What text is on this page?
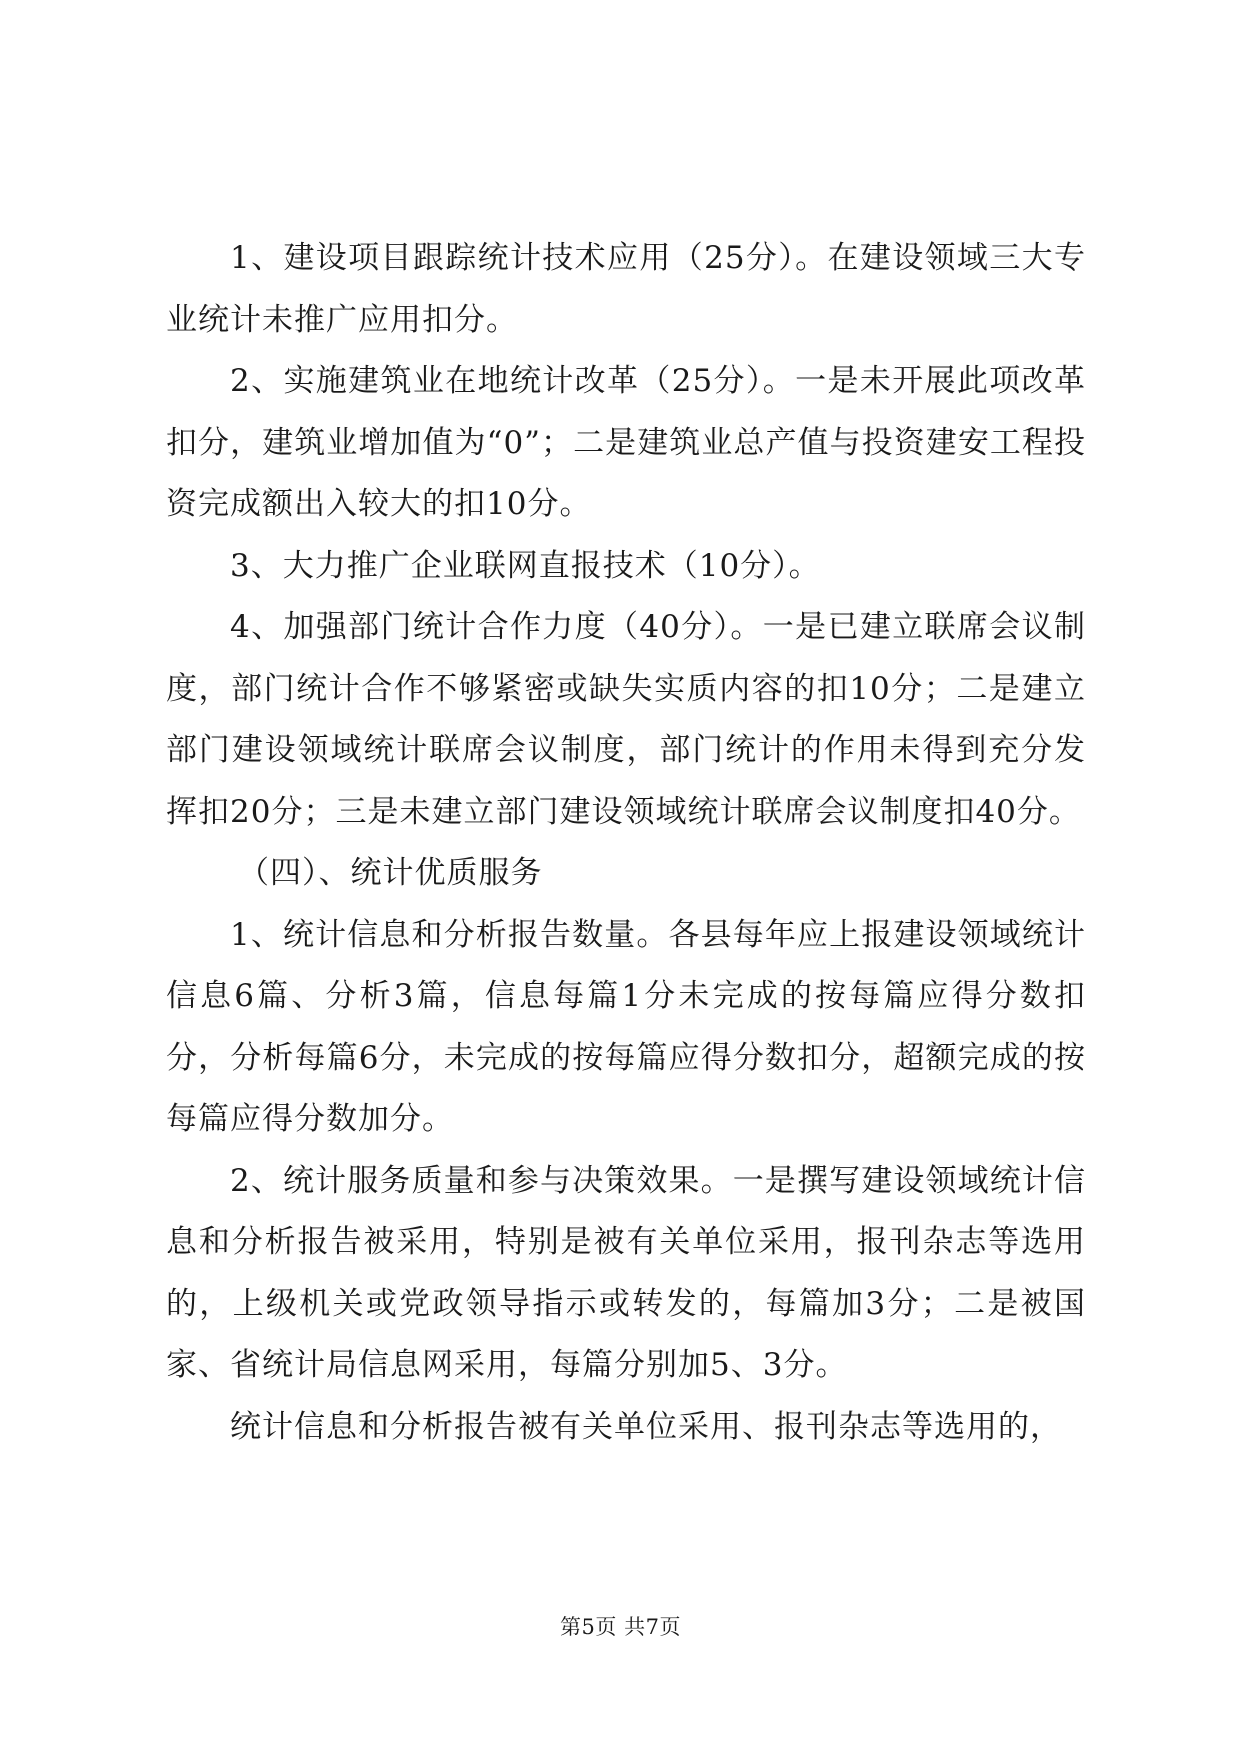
1、建设项目跟踪统计技术应用（25分）。在建设领域三大专业统计未推广应用扣分。

2、实施建筑业在地统计改革（25分）。一是未开展此项改革扣分，建筑业增加值为“0”；二是建筑业总产值与投资建安工程投资完成额出入较大的扣10分。

3、大力推广企业联网直报技术（10分）。

4、加强部门统计合作力度（40分）。一是已建立联席会议制度，部门统计合作不够紧密或缺失实质内容的扣10分；二是建立部门建设领域统计联席会议制度，部门统计的作用未得到充分发挥扣20分；三是未建立部门建设领域统计联席会议制度扣40分。

（四）、统计优质服务

1、统计信息和分析报告数量。各县每年应上报建设领域统计信息6篇、分析3篇，信息每篇1分未完成的按每篇应得分数扣分，分析每篇6分，未完成的按每篇应得分数扣分，超额完成的按每篇应得分数加分。

2、统计服务质量和参与决策效果。一是撰写建设领域统计信息和分析报告被采用，特别是被有关单位采用，报刊杂志等选用的，上级机关或党政领导指示或转发的，每篇加3分；二是被国家、省统计局信息网采用，每篇分别加5、3分。

统计信息和分析报告被有关单位采用、报刊杂志等选用的，

第5页 共7页
